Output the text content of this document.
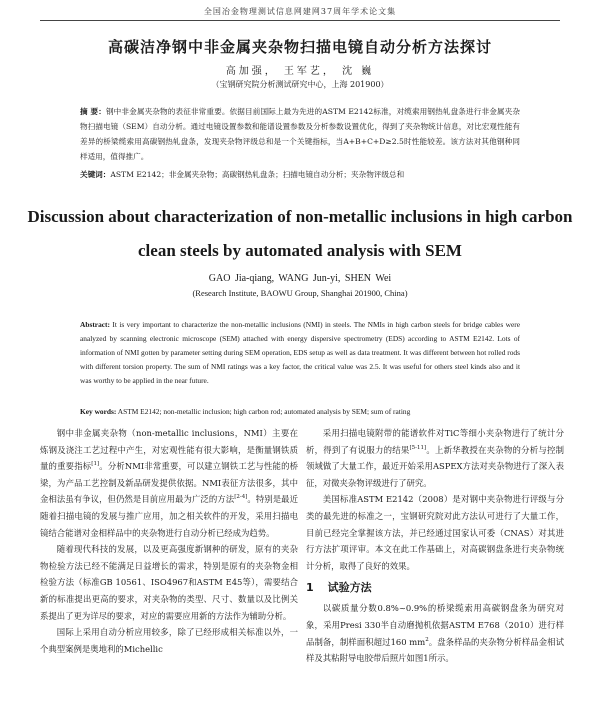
全国冶金物理测试信息网建网37周年学术论文集
高碳洁净钢中非金属夹杂物扫描电镜自动分析方法探讨
高加强， 王军艺， 沈 巍
（宝钢研究院分析测试研究中心，上海 201900）
摘 要：钢中非金属夹杂物的表征非常重要。依据目前国际上最为先进的ASTM E2142标准，对缆索用钢热轧盘条进行非金属夹杂物扫描电镜（SEM）自动分析。通过电镜设置参数和能谱设置参数及分析参数设置优化，得到了夹杂物统计信息，对比宏观性能有差异的桥梁缆索用高碳钢热轧盘条，发现夹杂物评级总和是一个关键指标，当A+B+C+D≥2.5时性能较差。该方法对其他钢种同样适用，值得推广。
关键词：ASTM E2142；非金属夹杂物；高碳钢热轧盘条；扫描电镜自动分析；夹杂物评级总和
Discussion about characterization of non-metallic inclusions in high carbon clean steels by automated analysis with SEM
GAO Jia-qiang, WANG Jun-yi, SHEN Wei
(Research Institute, BAOWU Group, Shanghai 201900, China)
Abstract: It is very important to characterize the non-metallic inclusions (NMI) in steels. The NMIs in high carbon steels for bridge cables were analyzed by scanning electronic microscope (SEM) attached with energy dispersive spectrometry (EDS) according to ASTM E2142. Lots of information of NMI gotten by parameter setting during SEM operation, EDS setup as well as data treatment. It was different between hot rolled rods with different torsion property. The sum of NMI ratings was a key factor, the critical value was 2.5. It was useful for others steel kinds also and it was worthy to be applied in the near future.
Key words: ASTM E2142; non-metallic inclusion; high carbon rod; automated analysis by SEM; sum of rating

钢中非金属夹杂物（non-metallic inclusions，NMI）主要在炼钢及浇注工艺过程中产生，对宏观性能有很大影响，是衡量钢铁质量的重要指标[1]。分析NMI非常重要，可以建立钢铁工艺与性能的桥梁，为产品工艺控制及新品研发提供依据。NMI表征方法很多，其中金相法虽有争议，但仍然是目前应用最为广泛的方法[2-4]。特别是最近随着扫描电镜的发展与推广应用，加之相关软件的开发，采用扫描电镜结合能谱对金相样品中的夹杂物进行自动分析已经成为趋势。

随着现代科技的发展，以及更高强度新钢种的研发，原有的夹杂物检验方法已经不能满足日益增长的需求，特别是原有的夹杂物金相检验方法（标准GB 10561、ISO4967和ASTM E45等），需要结合新的标准提出更高的要求，对夹杂物的类型、尺寸、数量以及比例关系提出了更为详尽的要求，对应的需要应用新的方法作为辅助分析。

国际上采用自动分析应用较多，除了已经形成相关标准以外，一个典型案例是奥地利的Michellic

采用扫描电镜附带的能谱软件对TiC等细小夹杂物进行了统计分析，得到了有说服力的结果[5-11]。上新华教授在夹杂物的分析与控制领域做了大量工作，最近开始采用ASPEX方法对夹杂物进行了深入表征，对微夹杂物评级进行了研究。

美国标准ASTM E2142（2008）是对钢中夹杂物进行评级与分类的最先进的标准之一，宝钢研究院对此方法认可进行了大量工作，目前已经完全掌握该方法，并已经通过国家认可委（CNAS）对其进行方法扩项评审。本文在此工作基础上，对高碳钢盘条进行夹杂物统计分析，取得了良好的效果。

1 试验方法

以碳质量分数0.8%~0.9%的桥梁缆索用高碳钢盘条为研究对象，采用Presi 330半自动磨抛机依据ASTM E768（2010）进行样品制备，制样面积超过160 $mm^2$。盘条样品的夹杂物分析样品金相试样及其粘附导电胶带后照片如图1所示。
